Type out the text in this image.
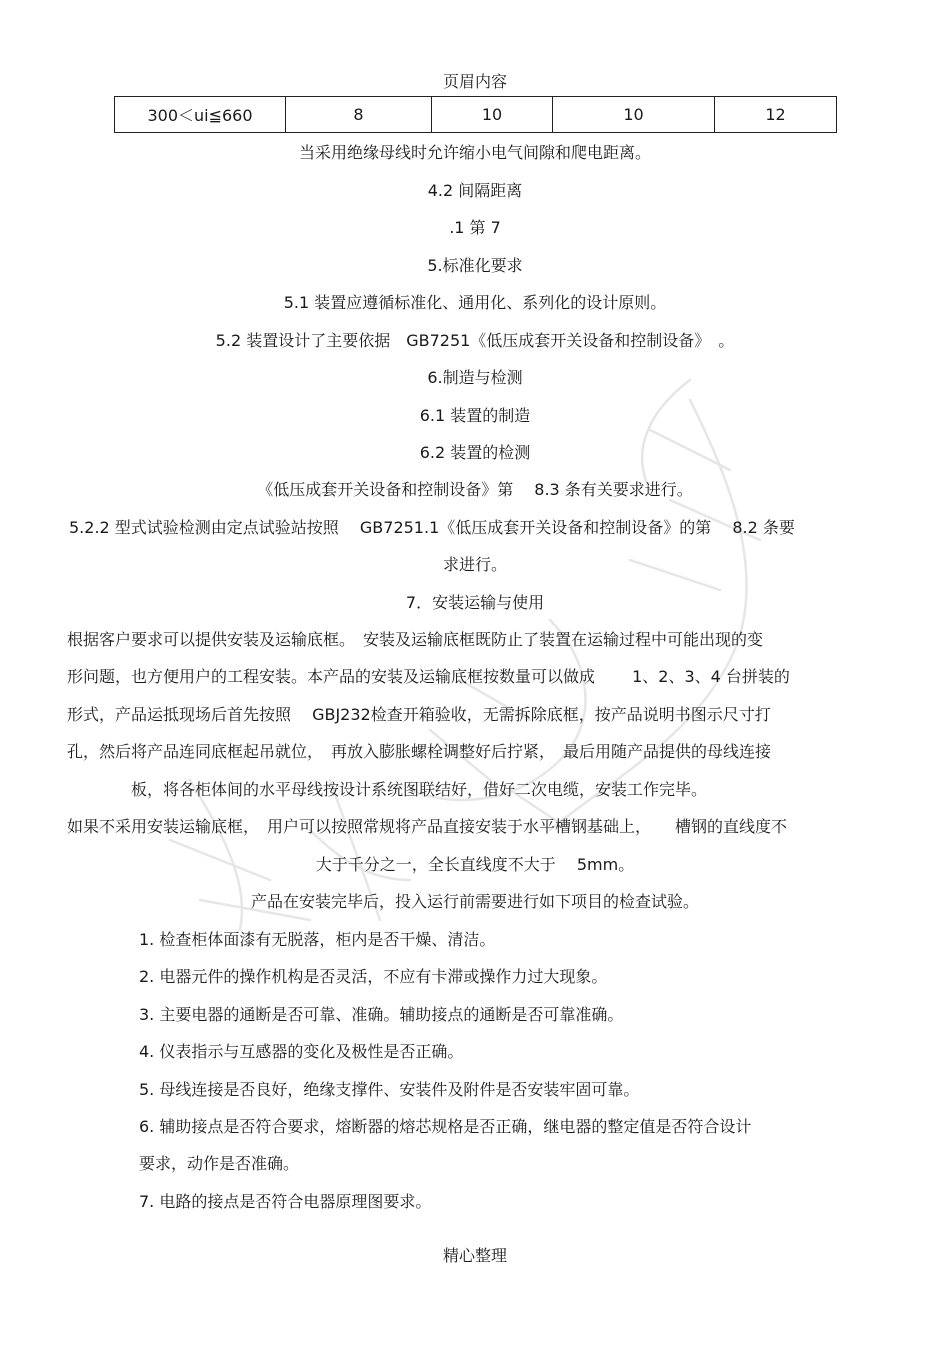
页眉内容
300＜ui≦660	8	10	10	12
当采用绝缘母线时允许缩小电气间隙和爬电距离。
4.2 间隔距离
.1 第 7
5.标准化要求
5.1 装置应遵循标准化、通用化、系列化的设计原则。
5.2 装置设计了主要依据　GB7251《低压成套开关设备和控制设备》　。
6.制造与检测
6.1 装置的制造
6.2 装置的检测
《低压成套开关设备和控制设备》第　 8.3 条有关要求进行。
5.2.2 型式试验检测由定点试验站按照　 GB7251.1《低压成套开关设备和控制设备》的第　 8.2 条要
求进行。
7．安装运输与使用
根据客户要求可以提供安装及运输底框。　安装及运输底框既防止了装置在运输过程中可能出现的变
形问题，也方便用户的工程安装。本产品的安装及运输底框按数量可以做成　　 1、2、3、4 台拼装的
形式，产品运抵现场后首先按照　 GBJ232检查开箱验收，无需拆除底框，按产品说明书图示尺寸打
孔，然后将产品连同底框起吊就位，　再放入膨胀螺栓调整好后拧紧，　最后用随产品提供的母线连接
板，将各柜体间的水平母线按设计系统图联结好，借好二次电缆，安装工作完毕。
如果不采用安装运输底框，　用户可以按照常规将产品直接安装于水平槽钢基础上，　　槽钢的直线度不
大于千分之一，全长直线度不大于　 5mm。
产品在安装完毕后，投入运行前需要进行如下项目的检查试验。
1. 检查柜体面漆有无脱落，柜内是否干燥、清洁。
2. 电器元件的操作机构是否灵活，不应有卡滞或操作力过大现象。
3. 主要电器的通断是否可靠、准确。辅助接点的通断是否可靠准确。
4. 仪表指示与互感器的变化及极性是否正确。
5. 母线连接是否良好，绝缘支撑件、安装件及附件是否安装牢固可靠。
6. 辅助接点是否符合要求，熔断器的熔芯规格是否正确，继电器的整定值是否符合设计
要求，动作是否准确。
7. 电路的接点是否符合电器原理图要求。
精心整理
